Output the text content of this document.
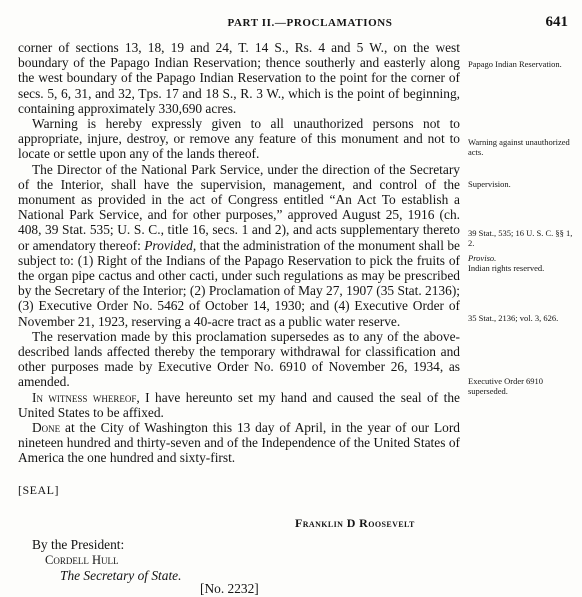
PART II.—PROCLAMATIONS	641

corner of sections 13, 18, 19 and 24, T. 14 S., Rs. 4 and 5 W., on the west boundary of the Papago Indian Reservation; thence southerly and easterly along the west boundary of the Papago Indian Reservation to the point for the corner of secs. 5, 6, 31, and 32, Tps. 17 and 18 S., R. 3 W., which is the point of beginning, containing approximately 330,690 acres.

Warning is hereby expressly given to all unauthorized persons not to appropriate, injure, destroy, or remove any feature of this monument and not to locate or settle upon any of the lands thereof.

The Director of the National Park Service, under the direction of the Secretary of the Interior, shall have the supervision, management, and control of the monument as provided in the act of Congress entitled “An Act To establish a National Park Service, and for other purposes,” approved August 25, 1916 (ch. 408, 39 Stat. 535; U. S. C., title 16, secs. 1 and 2), and acts supplementary thereto or amendatory thereof: Provided, that the administration of the monument shall be subject to: (1) Right of the Indians of the Papago Reservation to pick the fruits of the organ pipe cactus and other cacti, under such regulations as may be prescribed by the Secretary of the Interior; (2) Proclamation of May 27, 1907 (35 Stat. 2136); (3) Executive Order No. 5462 of October 14, 1930; and (4) Executive Order of November 21, 1923, reserving a 40-acre tract as a public water reserve.

The reservation made by this proclamation supersedes as to any of the above-described lands affected thereby the temporary withdrawal for classification and other purposes made by Executive Order No. 6910 of November 26, 1934, as amended.

In witness whereof, I have hereunto set my hand and caused the seal of the United States to be affixed.

Done at the City of Washington this 13 day of April, in the year of our Lord nineteen hundred and thirty-seven and of the Independence of the United States of America the one hundred and sixty-first.

[SEAL]
Franklin D Roosevelt
By the President:
Cordell Hull
The Secretary of State.
[No. 2232]
Papago Indian Reservation.
Warning against unauthorized acts.
Supervision.
39 Stat., 535; 16 U. S. C. §§ 1, 2.
Proviso.
Indian rights reserved.
35 Stat., 2136; vol. 3, 626.
Executive Order 6910 superseded.
